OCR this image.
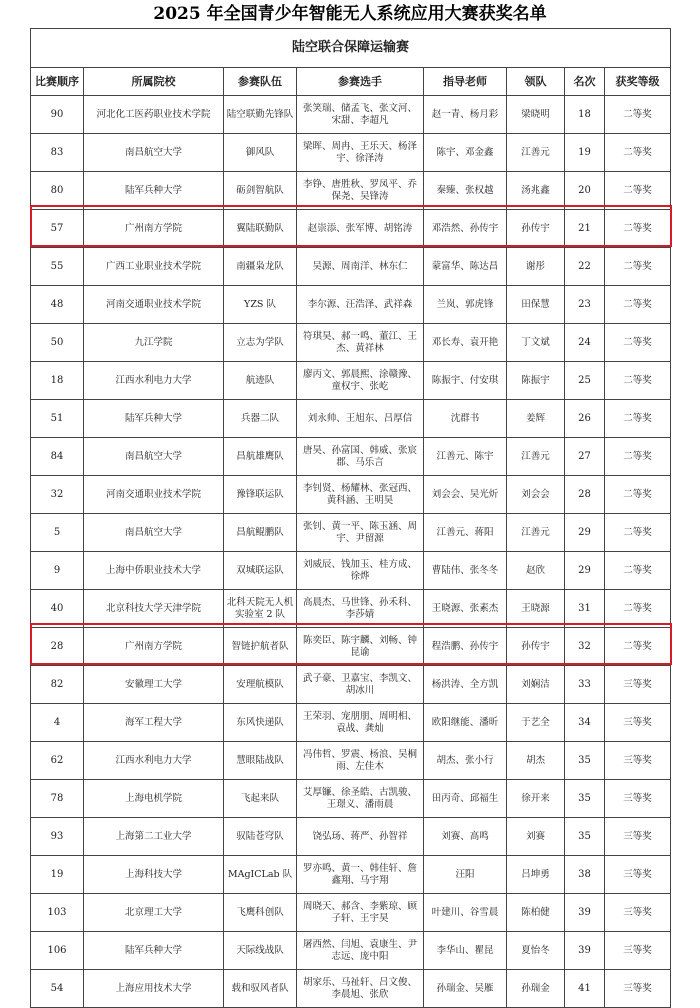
2025 年全国青少年智能无人系统应用大赛获奖名单
陆空联合保障运输赛							
比赛顺序	所属院校	参赛队伍	参赛选手	指导老师	领队	名次	获奖等级
90	河北化工医药职业技术学院	陆空联勤先锋队	张笑瑞、储孟飞、张文河、宋甜、李超凡	赵一青、杨月彩	梁晓明	18	二等奖
83	南昌航空大学	御风队	梁晖、周冉、王乐天、杨泽宇、徐泽涛	陈宇、邓金鑫	江善元	19	二等奖
80	陆军兵种大学	砺剑智航队	李铮、唐胜秋、罗凤平、乔保尧、吴锋涛	秦臻、张权越	汤兆鑫	20	二等奖
57	广州南方学院	翼陆联勤队	赵崇添、张军博、胡铭涛	邓浩然、孙传宇	孙传宇	21	二等奖
55	广西工业职业技术学院	南疆枭龙队	吴源、周南洋、林东仁	蒙富华、陈达昌	谢彤	22	二等奖
48	河南交通职业技术学院	YZS 队	李尔源、汪浩泽、武祥森	兰岚、郭虎锋	田保慧	23	二等奖
50	九江学院	立志为学队	符琪昊、郝一鸣、董江、王杰、黄祥林	邓长寿、袁开艳	丁文斌	24	二等奖
18	江西水利电力大学	航迹队	廖丙文、郭晨熙、涂赣豫、童权宇、张屹	陈振宇、付安琪	陈振宇	25	二等奖
51	陆军兵种大学	兵器二队	刘永帅、王旭东、吕厚信	沈群书	姜辉	26	二等奖
84	南昌航空大学	昌航雄鹰队	唐昊、孙富国、韩威、张宸郡、马乐言	江善元、陈宇	江善元	27	二等奖
32	河南交通职业技术学院	豫锋联运队	李钊贤、杨耀林、张冠西、黄科涵、王明昊	刘会会、吴光炘	刘会会	28	二等奖
5	南昌航空大学	昌航鲲鹏队	张钊、黄一平、陈玉涵、周宇、尹留源	江善元、蒋阳	江善元	29	二等奖
9	上海中侨职业技术大学	双城联运队	刘威辰、钱加玉、桂方成、徐烨	曹陆伟、张冬冬	赵欣	29	二等奖
40	北京科技大学天津学院	北科天院无人机实验室 2 队	高晨杰、马世锋、孙禾科、李莎婧	王晓源、张素杰	王晓源	31	二等奖
28	广州南方学院	智链护航者队	陈奕臣、陈宇麟、刘畅、钟昆谕	程浩鹏、孙传宇	孙传宇	32	二等奖
82	安徽理工大学	安理航模队	武子豪、卫嘉宝、李凯文、胡冰川	杨洪涛、全方凯	刘娴洁	33	三等奖
4	海军工程大学	东风快递队	王荣羽、宠朋朋、周明相、袁战、龚灿	欧阳继能、潘昕	于艺全	34	三等奖
62	江西水利电力大学	慧眼陆战队	冯伟哲、罗震、杨浪、吴桐雨、左佳木	胡杰、张小行	胡杰	35	三等奖
78	上海电机学院	飞起来队	艾厚镰、徐圣皓、古凯骏、王璟义、潘雨晨	田丙奇、邱福生	徐开来	35	三等奖
93	上海第二工业大学	驭陆苍穹队	饶弘玚、蒋严、孙智祥	刘赛、高鸣	刘赛	35	三等奖
19	上海科技大学	MAgICLab 队	罗亦鸣、黄一、韩佳轩、詹鑫翔、马宇翔	汪阳	吕坤勇	38	三等奖
103	北京理工大学	飞鹰科创队	周晓天、郝含、李紫琼、顾子轩、王宇昊	叶建川、谷雪晨	陈柏健	39	三等奖
106	陆军兵种大学	天际线战队	屠西然、闫旭、袁康生、尹志远、庞中阳	李华山、瞿昆	夏怡冬	39	三等奖
54	上海应用技术大学	载和驭风者队	胡家乐、马祉轩、吕文俊、李晨旭、张欣	孙瑞金、吴雁	孙瑞金	41	三等奖
